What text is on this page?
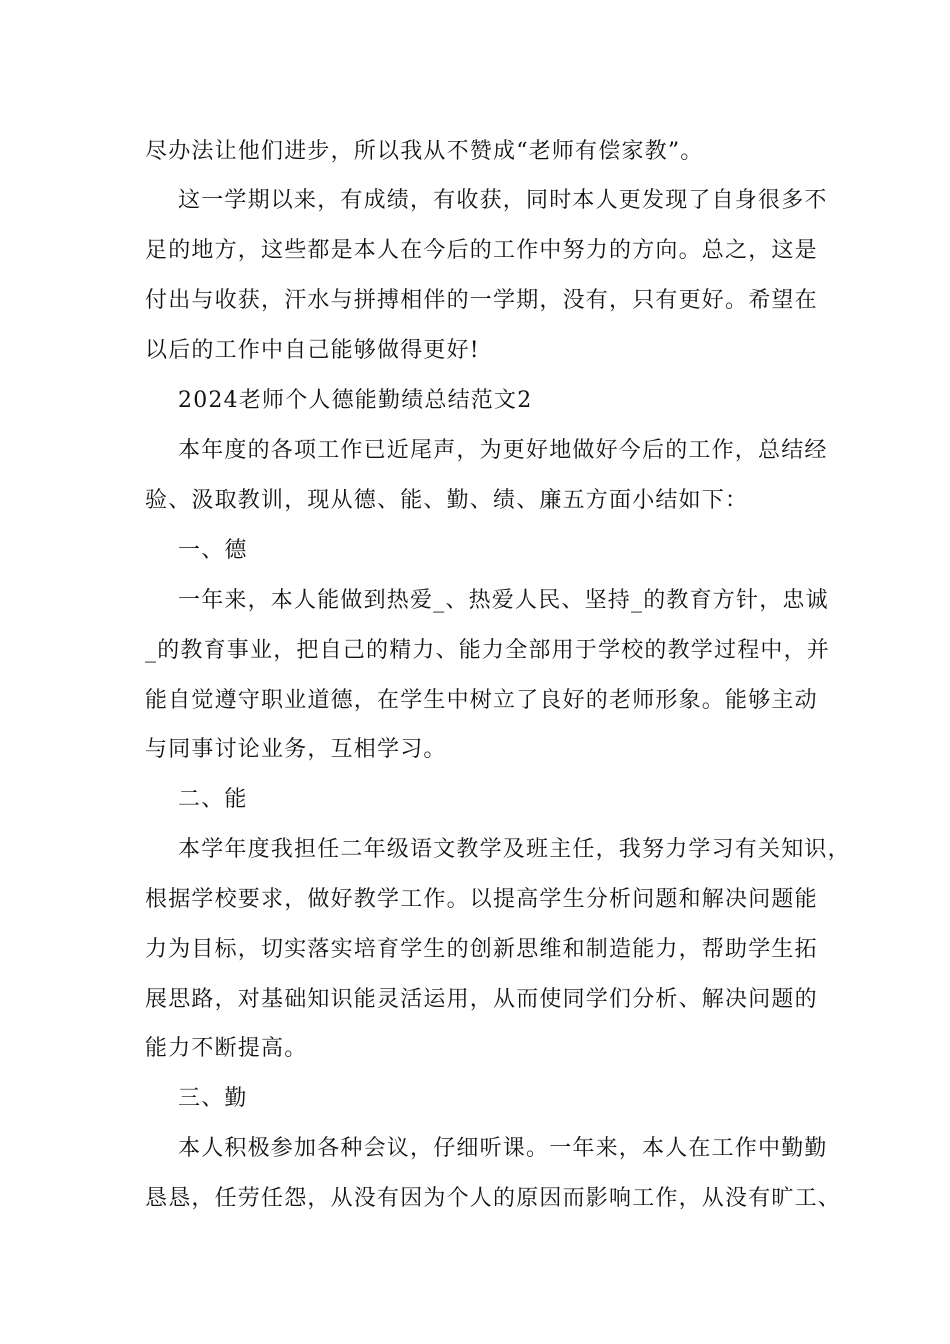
尽办法让他们进步，所以我从不赞成“老师有偿家教”。
这一学期以来，有成绩，有收获，同时本人更发现了自身很多不
足的地方，这些都是本人在今后的工作中努力的方向。总之，这是
付出与收获，汗水与拼搏相伴的一学期，没有，只有更好。希望在
以后的工作中自己能够做得更好!
2024老师个人德能勤绩总结范文2
本年度的各项工作已近尾声，为更好地做好今后的工作，总结经
验、汲取教训，现从德、能、勤、绩、廉五方面小结如下：
一、德
一年来，本人能做到热爱_、热爱人民、坚持_的教育方针，忠诚
_的教育事业，把自己的精力、能力全部用于学校的教学过程中，并
能自觉遵守职业道德，在学生中树立了良好的老师形象。能够主动
与同事讨论业务，互相学习。
二、能
本学年度我担任二年级语文教学及班主任，我努力学习有关知识，
根据学校要求，做好教学工作。以提高学生分析问题和解决问题能
力为目标，切实落实培育学生的创新思维和制造能力，帮助学生拓
展思路，对基础知识能灵活运用，从而使同学们分析、解决问题的
能力不断提高。
三、勤
本人积极参加各种会议，仔细听课。一年来，本人在工作中勤勤
恳恳，任劳任怨，从没有因为个人的原因而影响工作，从没有旷工、
